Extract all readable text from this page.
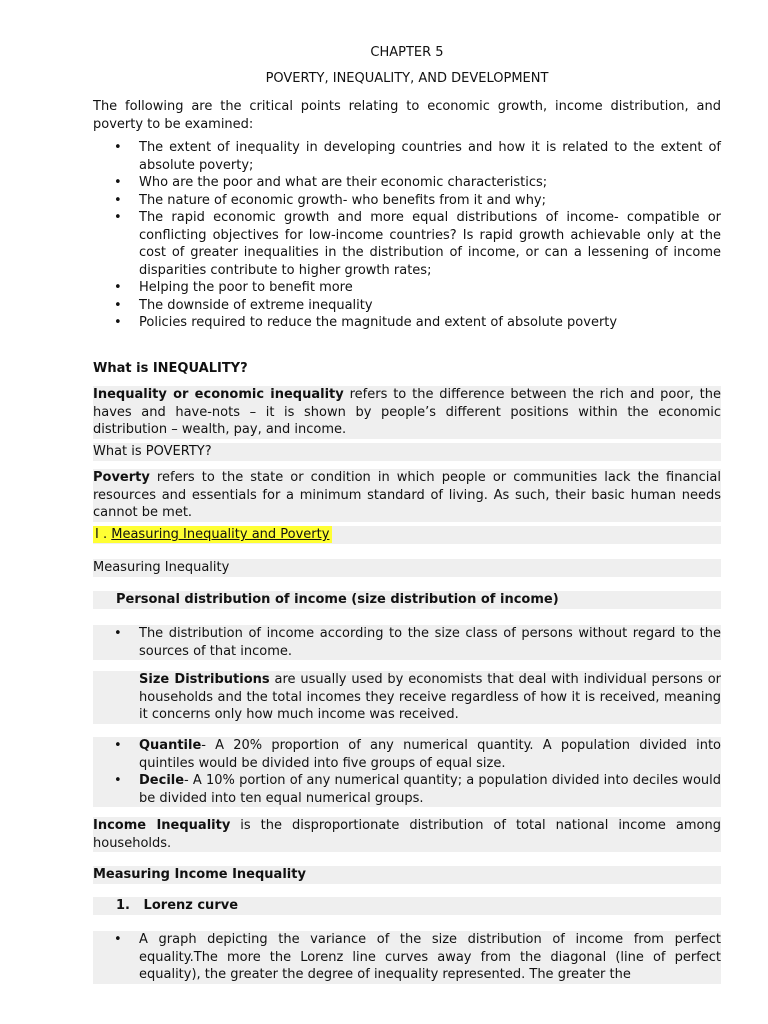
CHAPTER 5
POVERTY, INEQUALITY, AND DEVELOPMENT
The following are the critical points relating to economic growth, income distribution, and poverty to be examined:
• The extent of inequality in developing countries and how it is related to the extent of absolute poverty;
• Who are the poor and what are their economic characteristics;
• The nature of economic growth- who benefits from it and why;
• The rapid economic growth and more equal distributions of income- compatible or conflicting objectives for low-income countries? Is rapid growth achievable only at the cost of greater inequalities in the distribution of income, or can a lessening of income disparities contribute to higher growth rates;
• Helping the poor to benefit more
• The downside of extreme inequality
• Policies required to reduce the magnitude and extent of absolute poverty
What is INEQUALITY?
Inequality or economic inequality refers to the difference between the rich and poor, the haves and have-nots – it is shown by people’s different positions within the economic distribution – wealth, pay, and income.
What is POVERTY?
Poverty refers to the state or condition in which people or communities lack the financial resources and essentials for a minimum standard of living. As such, their basic human needs cannot be met.
I . Measuring Inequality and Poverty
Measuring Inequality
Personal distribution of income (size distribution of income)
• The distribution of income according to the size class of persons without regard to the sources of that income.
Size Distributions are usually used by economists that deal with individual persons or households and the total incomes they receive regardless of how it is received, meaning it concerns only how much income was received.
• Quantile- A 20% proportion of any numerical quantity. A population divided into quintiles would be divided into five groups of equal size.
• Decile- A 10% portion of any numerical quantity; a population divided into deciles would be divided into ten equal numerical groups.
Income Inequality is the disproportionate distribution of total national income among households.
Measuring Income Inequality
1.   Lorenz curve
• A graph depicting the variance of the size distribution of income from perfect equality.The more the Lorenz line curves away from the diagonal (line of perfect equality), the greater the degree of inequality represented. The greater the
